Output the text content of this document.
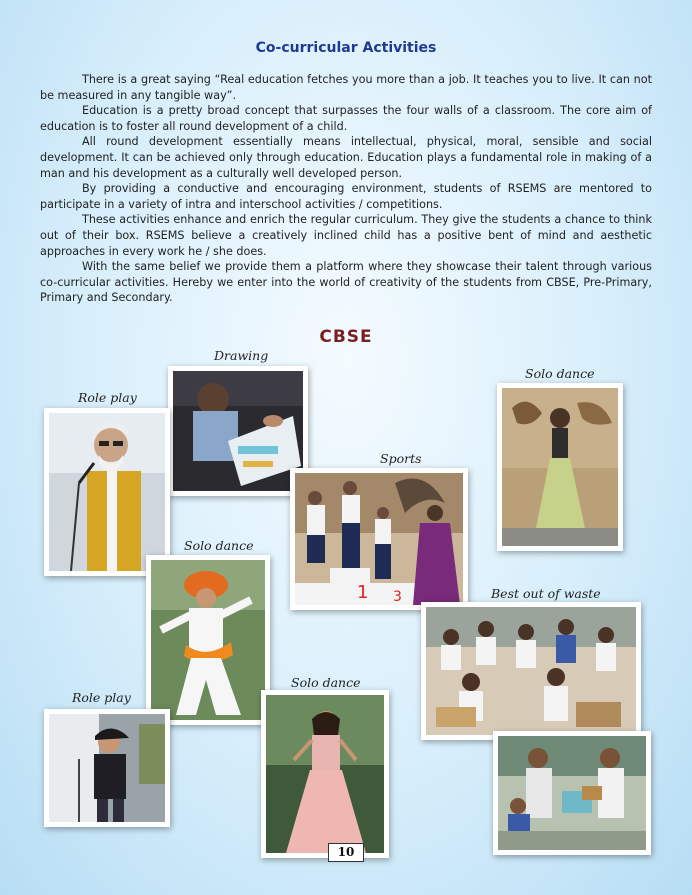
Co-curricular Activities

There is a great saying “Real education fetches you more than a job. It teaches you to live. It can not be measured in any tangible way”.

Education is a pretty broad concept that surpasses the four walls of a classroom. The core aim of education is to foster all round development of a child.

All round development essentially means intellectual, physical, moral, sensible and social development. It can be achieved only through education. Education plays a fundamental role in making of a man and his development as a culturally well developed person.

By providing a conductive and encouraging environment, students of RSEMS are mentored to participate in a variety of intra and interschool activities / competitions.

These activities enhance and enrich the regular curriculum. They give the students a chance to think out of their box. RSEMS believe a creatively inclined child has a positive bent of mind and aesthetic approaches in every work he / she does.

With the same belief we provide them a platform where they showcase their talent through various co-curricular activities. Hereby we enter into the world of creativity of the students from CBSE, Pre-Primary, Primary and Secondary.

CBSE
Drawing
Role play
Solo dance
Sports
Solo dance
Best out of waste
Role play
Solo dance
1 3
10
